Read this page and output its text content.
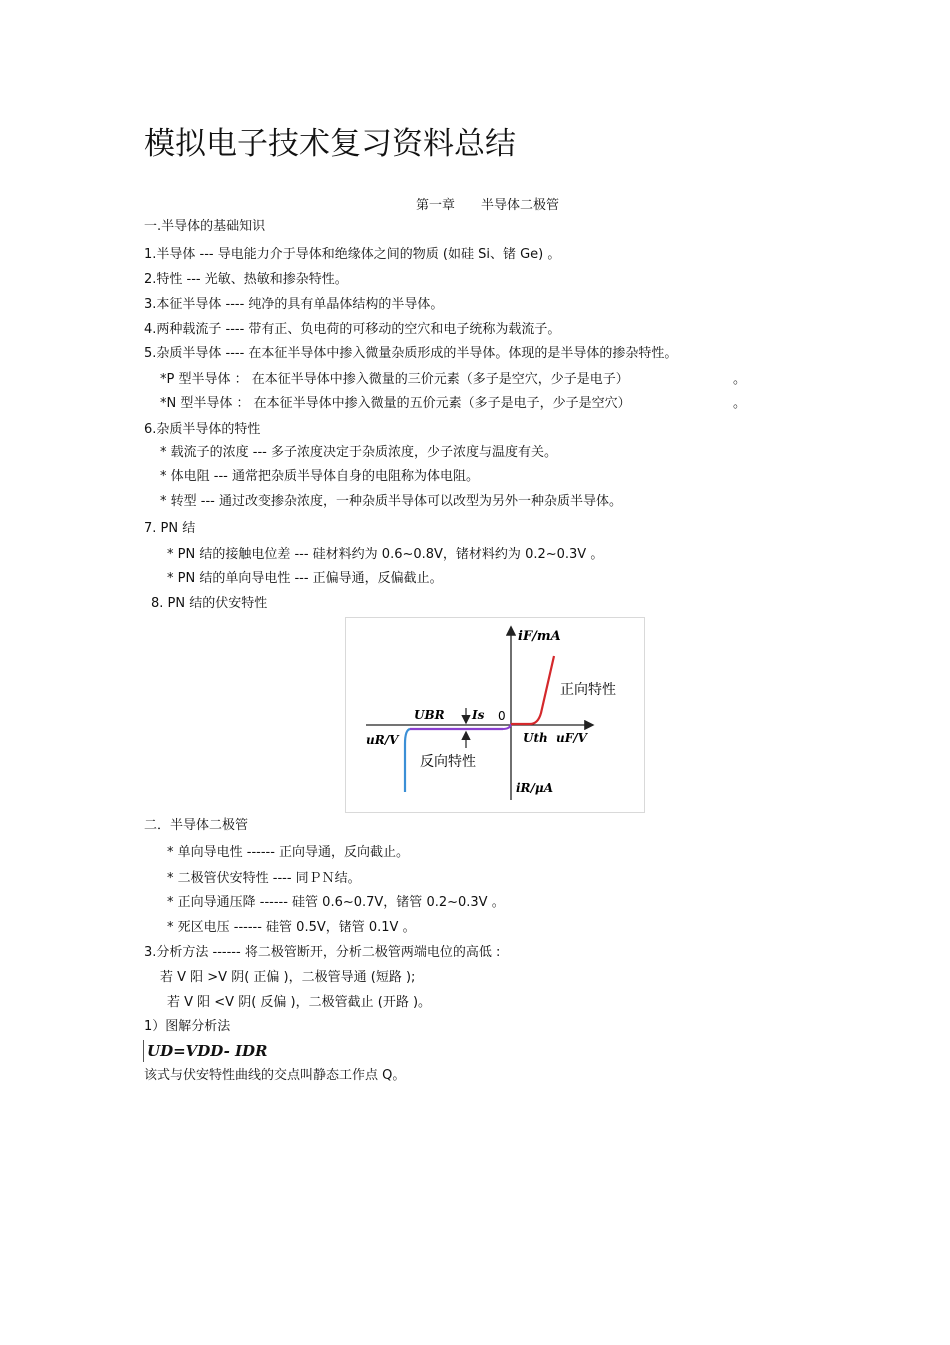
模拟电子技术复习资料总结
第一章　　半导体二极管
一.半导体的基础知识
1.半导体 --- 导电能力介于导体和绝缘体之间的物质 (如硅 Si、锗 Ge) 。
2.特性 --- 光敏、热敏和掺杂特性。
3.本征半导体 ---- 纯净的具有单晶体结构的半导体。
4.两种载流子 ---- 带有正、负电荷的可移动的空穴和电子统称为载流子。
5.杂质半导体 ---- 在本征半导体中掺入微量杂质形成的半导体。体现的是半导体的掺杂特性。
*P 型半导体 ： 在本征半导体中掺入微量的三价元素（多子是空穴，少子是电子）	。
*N 型半导体 ： 在本征半导体中掺入微量的五价元素（多子是电子，少子是空穴）	。
6.杂质半导体的特性
* 载流子的浓度 --- 多子浓度决定于杂质浓度，少子浓度与温度有关。
* 体电阻 --- 通常把杂质半导体自身的电阻称为体电阻。
* 转型 --- 通过改变掺杂浓度，一种杂质半导体可以改型为另外一种杂质半导体。
7. PN 结
* PN 结的接触电位差 --- 硅材料约为 0.6~0.8V，锗材料约为 0.2~0.3V 。
* PN 结的单向导电性 --- 正偏导通，反偏截止。
8. PN 结的伏安特性
iF/mA
正向特性
UBR Is 0
Uth uF/V
uR/V
反向特性
iR/μA
二．半导体二极管
* 单向导电性 ------ 正向导通，反向截止。
* 二极管伏安特性 ---- 同ＰＮ结。
* 正向导通压降 ------ 硅管 0.6~0.7V，锗管 0.2~0.3V 。
* 死区电压 ------ 硅管 0.5V，锗管 0.1V 。
3.分析方法 ------ 将二极管断开，分析二极管两端电位的高低 :
若 V 阳 >V 阴( 正偏 )，二极管导通 (短路 );
若 V 阳 <V 阴( 反偏 )，二极管截止 (开路 )。
1）图解分析法
UD=VDD- IDR
该式与伏安特性曲线的交点叫静态工作点 Q。
